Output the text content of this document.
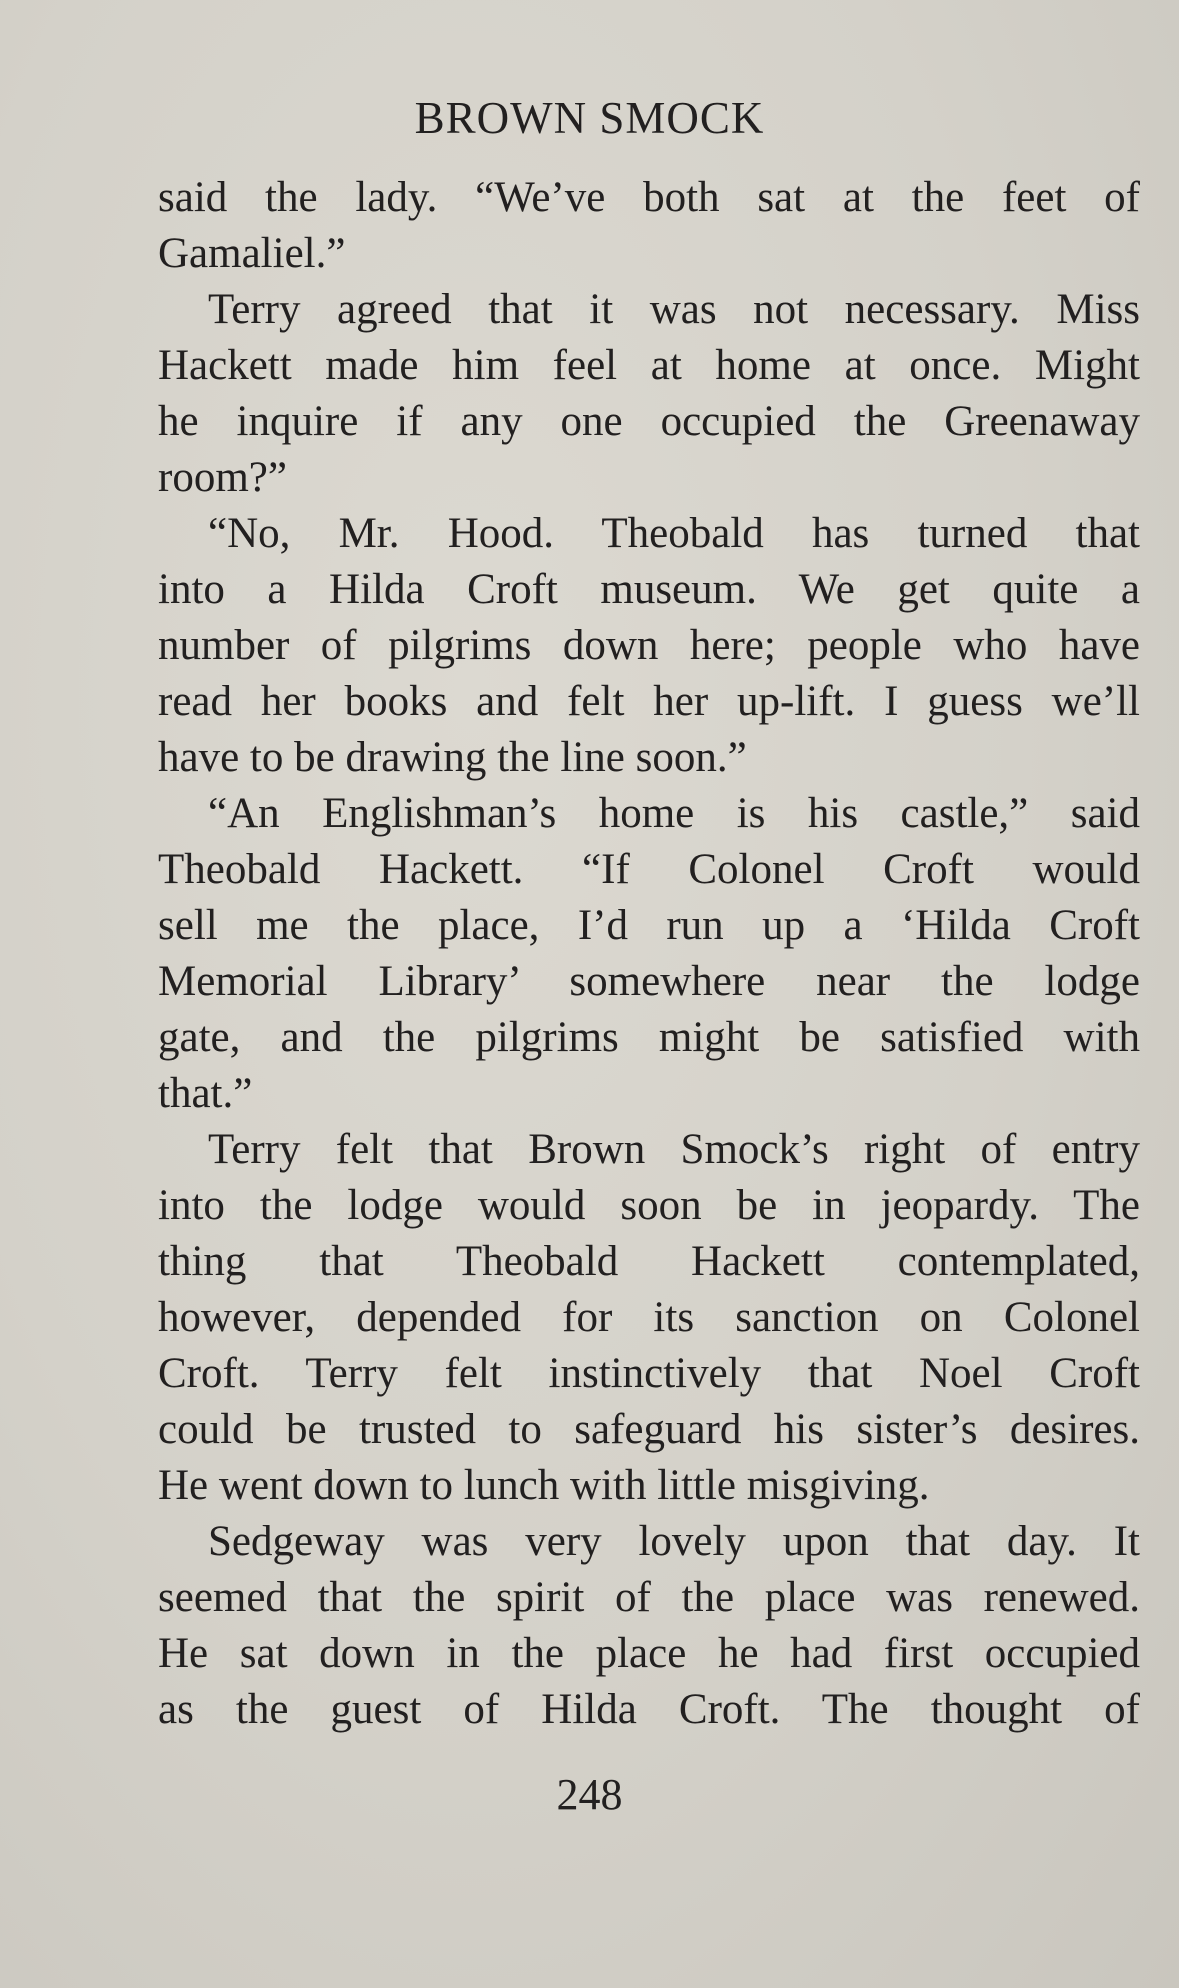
BROWN SMOCK
said the lady. “We’ve both sat at the feet of
Gamaliel.”
Terry agreed that it was not necessary. Miss
Hackett made him feel at home at once. Might
he inquire if any one occupied the Greenaway
room?”
“No, Mr. Hood. Theobald has turned that
into a Hilda Croft museum. We get quite a
number of pilgrims down here; people who have
read her books and felt her up-lift. I guess we’ll
have to be drawing the line soon.”
“An Englishman’s home is his castle,” said
Theobald Hackett. “If Colonel Croft would
sell me the place, I’d run up a ‘Hilda Croft
Memorial Library’ somewhere near the lodge
gate, and the pilgrims might be satisfied with
that.”
Terry felt that Brown Smock’s right of entry
into the lodge would soon be in jeopardy. The
thing that Theobald Hackett contemplated,
however, depended for its sanction on Colonel
Croft. Terry felt instinctively that Noel Croft
could be trusted to safeguard his sister’s desires.
He went down to lunch with little misgiving.
Sedgeway was very lovely upon that day. It
seemed that the spirit of the place was renewed.
He sat down in the place he had first occupied
as the guest of Hilda Croft. The thought of
248
